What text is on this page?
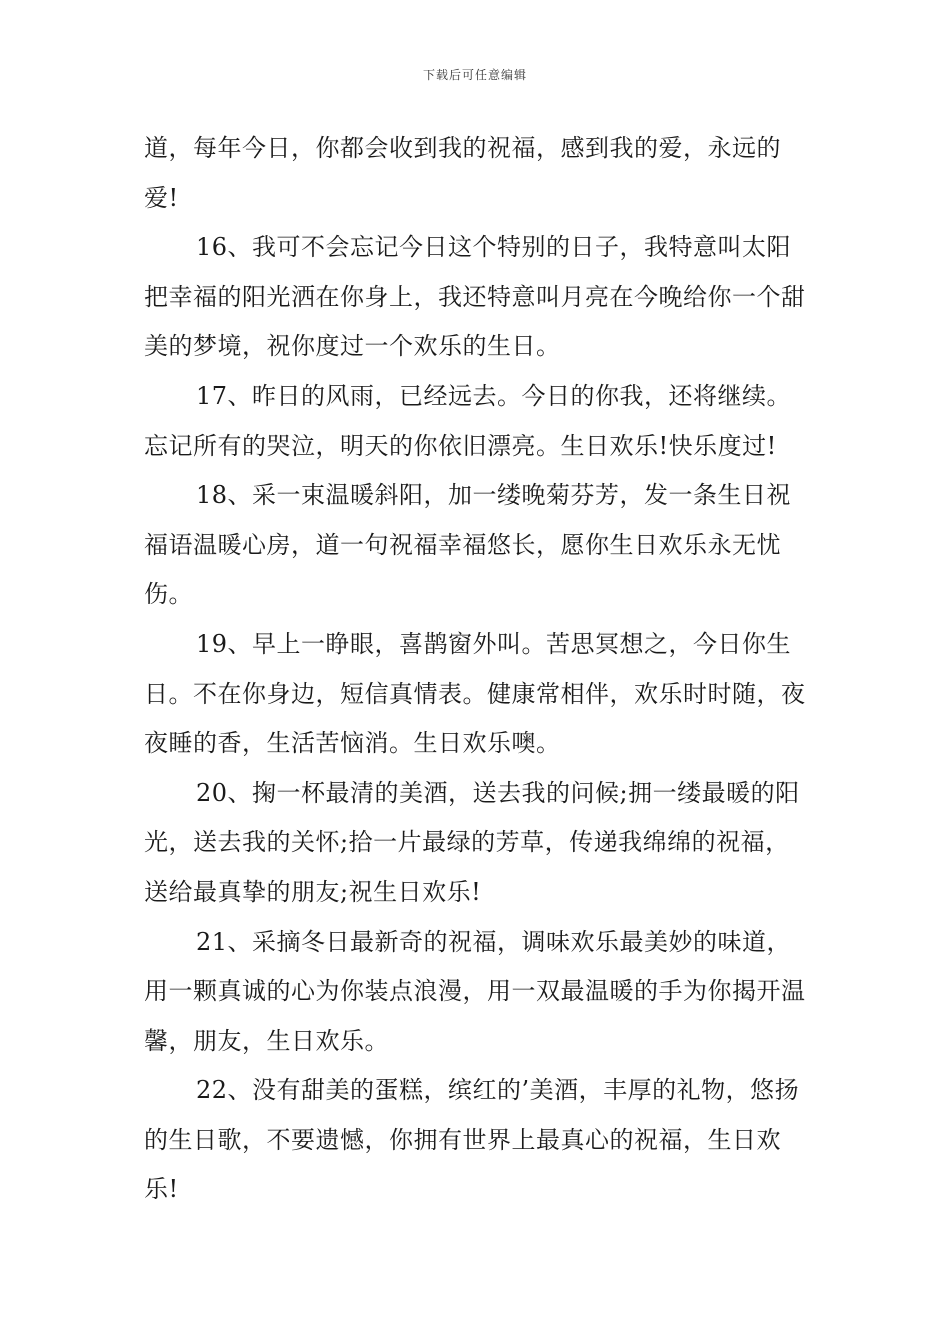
下载后可任意编辑

道，每年今日，你都会收到我的祝福，感到我的爱，永远的爱!

16、我可不会忘记今日这个特别的日子，我特意叫太阳把幸福的阳光洒在你身上，我还特意叫月亮在今晚给你一个甜美的梦境，祝你度过一个欢乐的生日。

17、昨日的风雨，已经远去。今日的你我，还将继续。忘记所有的哭泣，明天的你依旧漂亮。生日欢乐!快乐度过!

18、采一束温暖斜阳，加一缕晚菊芬芳，发一条生日祝福语温暖心房，道一句祝福幸福悠长，愿你生日欢乐永无忧伤。

19、早上一睁眼，喜鹊窗外叫。苦思冥想之，今日你生日。不在你身边，短信真情表。健康常相伴，欢乐时时随，夜夜睡的香，生活苦恼消。生日欢乐噢。

20、掬一杯最清的美酒，送去我的问候;拥一缕最暖的阳光，送去我的关怀;拾一片最绿的芳草，传递我绵绵的祝福，送给最真挚的朋友;祝生日欢乐!

21、采摘冬日最新奇的祝福，调味欢乐最美妙的味道，用一颗真诚的心为你装点浪漫，用一双最温暖的手为你揭开温馨，朋友，生日欢乐。

22、没有甜美的蛋糕，缤红的’美酒，丰厚的礼物，悠扬的生日歌，不要遗憾，你拥有世界上最真心的祝福，生日欢乐!
